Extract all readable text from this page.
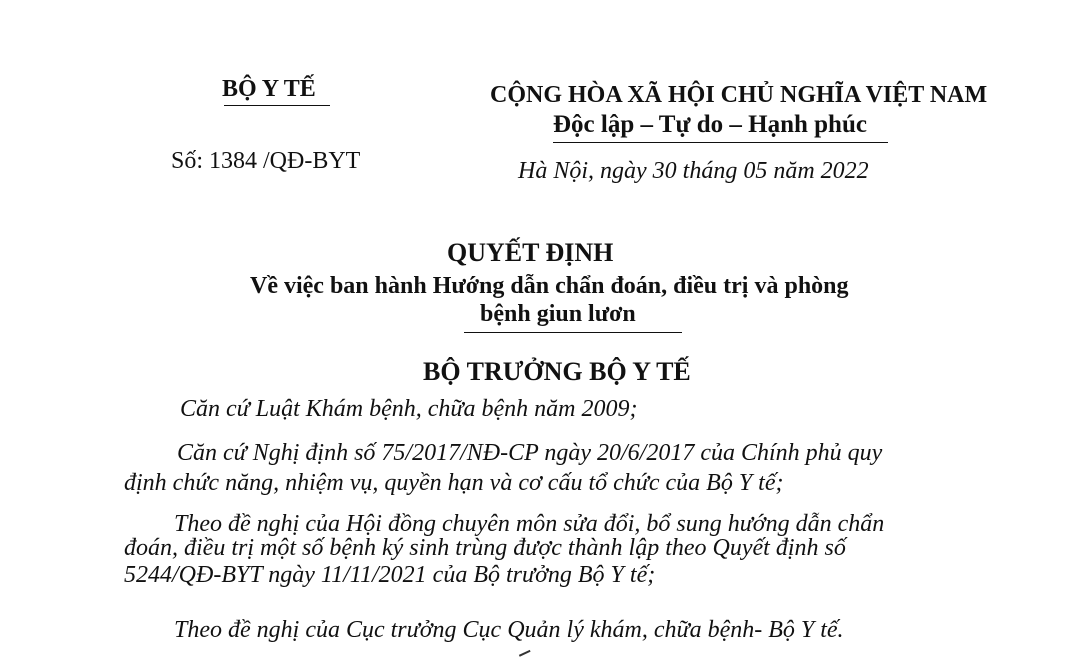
BỘ Y TẾ
Số: 1384 /QĐ-BYT
CỘNG HÒA XÃ HỘI CHỦ NGHĨA VIỆT NAM
Độc lập – Tự do – Hạnh phúc
Hà Nội, ngày 30 tháng 05 năm 2022
QUYẾT ĐỊNH
Về việc ban hành Hướng dẫn chẩn đoán, điều trị và phòng
bệnh giun lươn
BỘ TRƯỞNG BỘ Y TẾ
Căn cứ Luật Khám bệnh, chữa bệnh năm 2009;
Căn cứ Nghị định số 75/2017/NĐ-CP ngày 20/6/2017 của Chính phủ quy
định chức năng, nhiệm vụ, quyền hạn và cơ cấu tổ chức của Bộ Y tế;
Theo đề nghị của Hội đồng chuyên môn sửa đổi, bổ sung hướng dẫn chẩn
đoán, điều trị một số bệnh ký sinh trùng được thành lập theo Quyết định số
5244/QĐ-BYT ngày 11/11/2021 của Bộ trưởng Bộ Y tế;
Theo đề nghị của Cục trưởng Cục Quản lý khám, chữa bệnh- Bộ Y tế.
